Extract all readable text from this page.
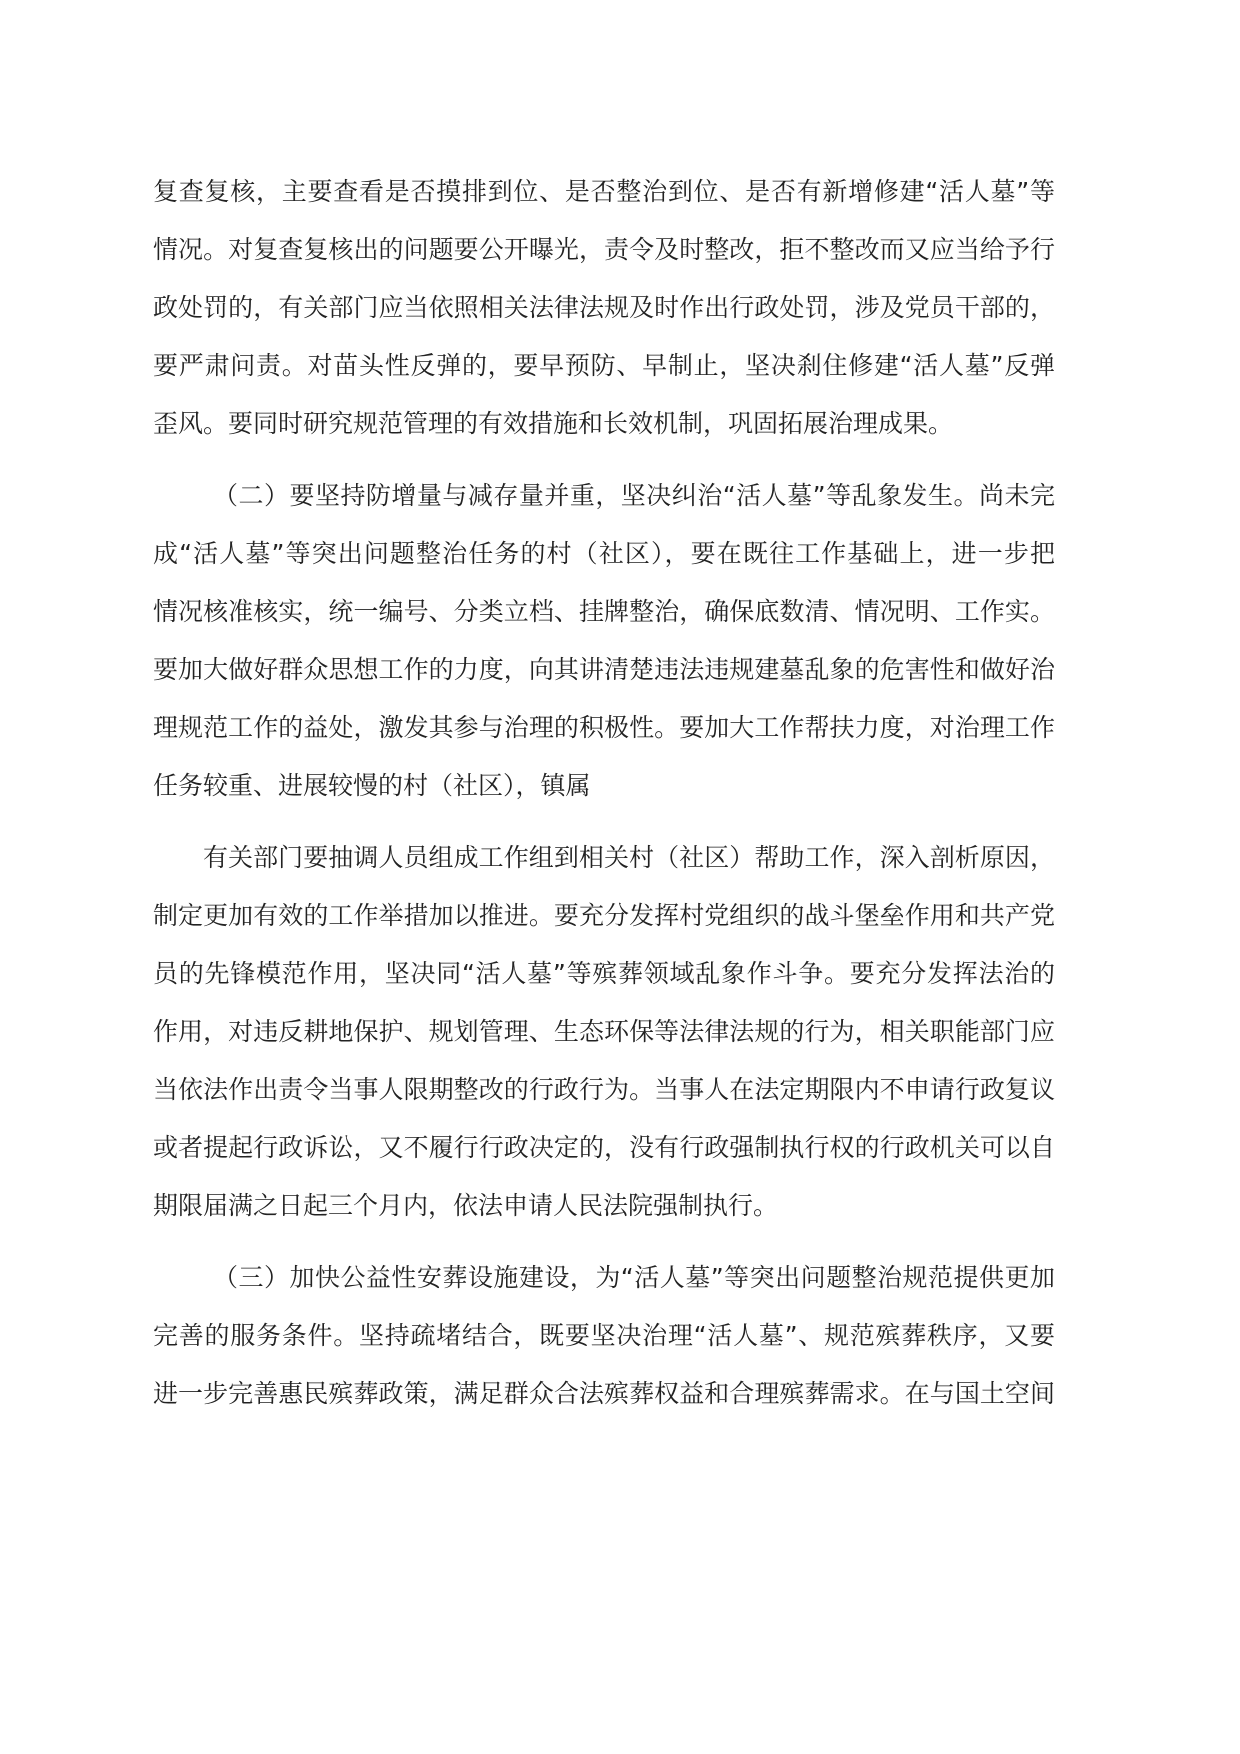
复查复核，主要查看是否摸排到位、是否整治到位、是否有新增修建“活人墓”等

情况。对复查复核出的问题要公开曝光，责令及时整改，拒不整改而又应当给予行

政处罚的，有关部门应当依照相关法律法规及时作出行政处罚，涉及党员干部的，

要严肃问责。对苗头性反弹的，要早预防、早制止，坚决刹住修建“活人墓”反弹

歪风。要同时研究规范管理的有效措施和长效机制，巩固拓展治理成果。

（二）要坚持防增量与减存量并重，坚决纠治“活人墓”等乱象发生。尚未完

成“活人墓”等突出问题整治任务的村（社区），要在既往工作基础上，进一步把

情况核准核实，统一编号、分类立档、挂牌整治，确保底数清、情况明、工作实。

要加大做好群众思想工作的力度，向其讲清楚违法违规建墓乱象的危害性和做好治

理规范工作的益处，激发其参与治理的积极性。要加大工作帮扶力度，对治理工作

任务较重、进展较慢的村（社区），镇属

有关部门要抽调人员组成工作组到相关村（社区）帮助工作，深入剖析原因，

制定更加有效的工作举措加以推进。要充分发挥村党组织的战斗堡垒作用和共产党

员的先锋模范作用，坚决同“活人墓”等殡葬领域乱象作斗争。要充分发挥法治的

作用，对违反耕地保护、规划管理、生态环保等法律法规的行为，相关职能部门应

当依法作出责令当事人限期整改的行政行为。当事人在法定期限内不申请行政复议

或者提起行政诉讼，又不履行行政决定的，没有行政强制执行权的行政机关可以自

期限届满之日起三个月内，依法申请人民法院强制执行。

（三）加快公益性安葬设施建设，为“活人墓”等突出问题整治规范提供更加

完善的服务条件。坚持疏堵结合，既要坚决治理“活人墓”、规范殡葬秩序，又要

进一步完善惠民殡葬政策，满足群众合法殡葬权益和合理殡葬需求。在与国土空间
